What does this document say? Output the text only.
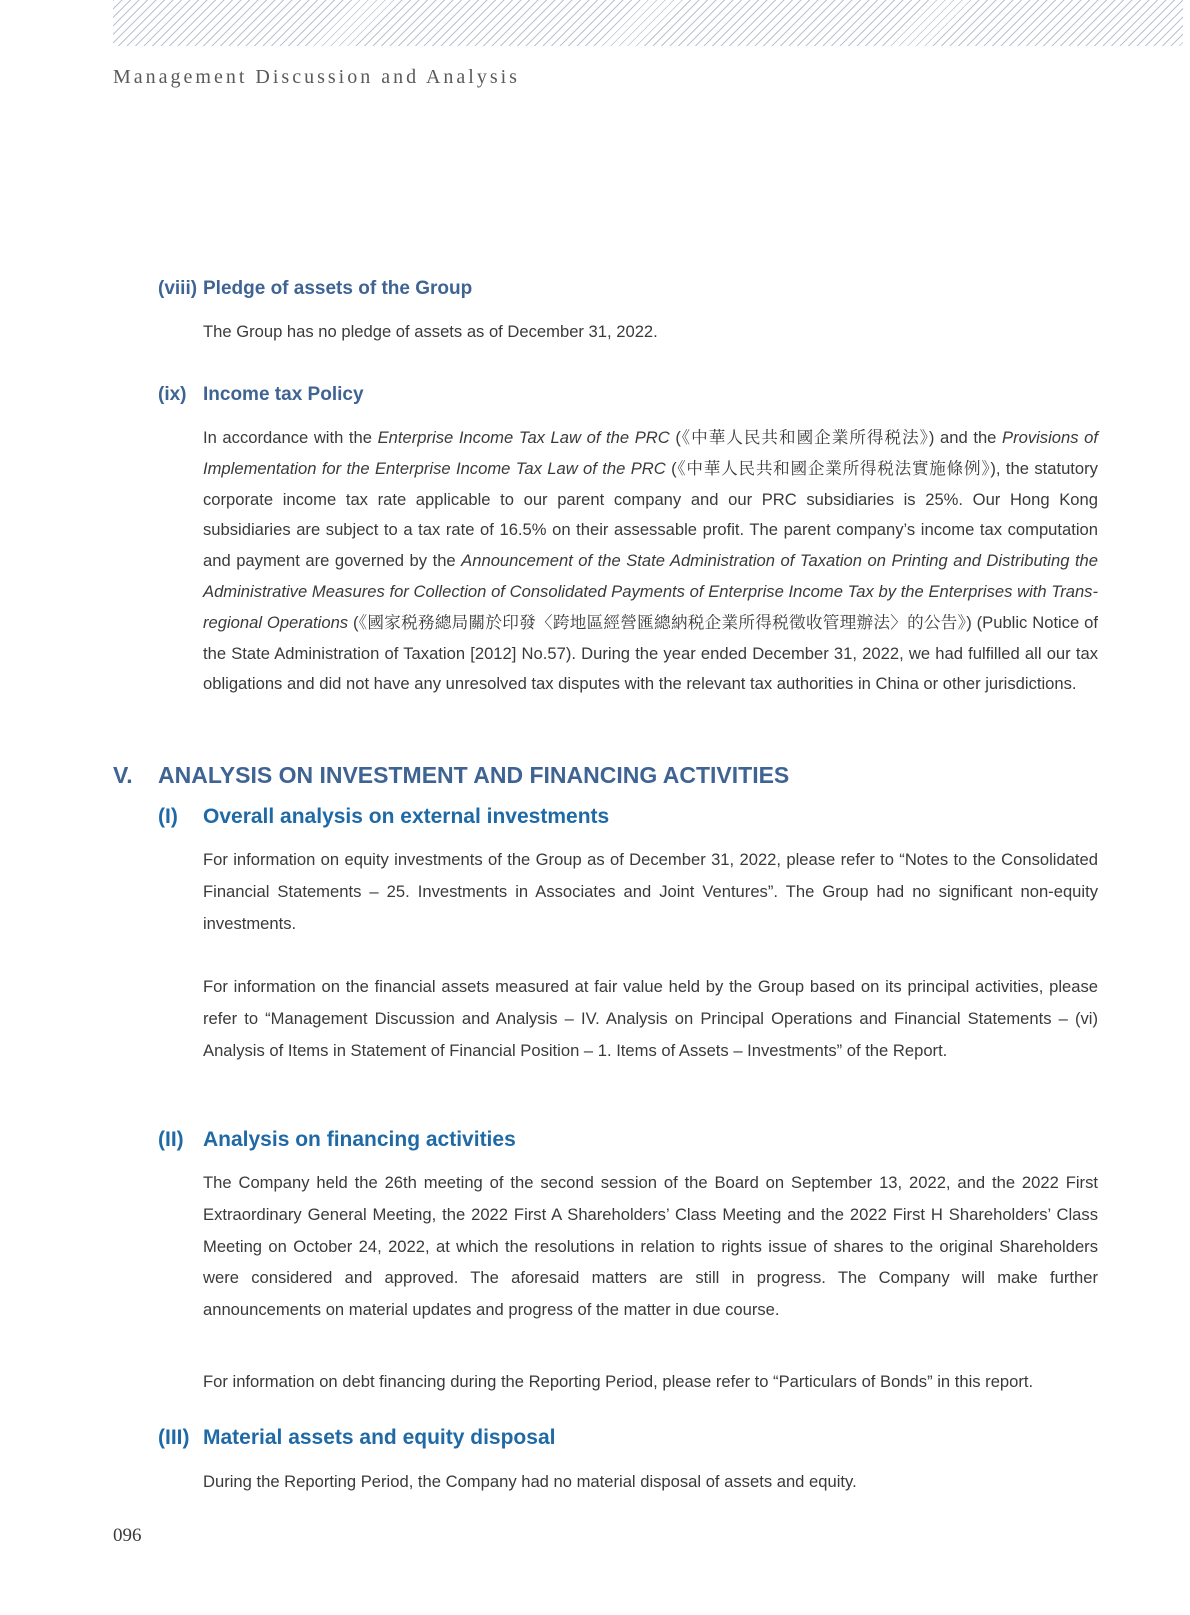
Management Discussion and Analysis
(viii) Pledge of assets of the Group

The Group has no pledge of assets as of December 31, 2022.

(ix) Income tax Policy

In accordance with the Enterprise Income Tax Law of the PRC (《中華人民共和國企業所得税法》) and the Provisions of Implementation for the Enterprise Income Tax Law of the PRC (《中華人民共和國企業所得税法實施條例》), the statutory corporate income tax rate applicable to our parent company and our PRC subsidiaries is 25%. Our Hong Kong subsidiaries are subject to a tax rate of 16.5% on their assessable profit. The parent company’s income tax computation and payment are governed by the Announcement of the State Administration of Taxation on Printing and Distributing the Administrative Measures for Collection of Consolidated Payments of Enterprise Income Tax by the Enterprises with Trans-regional Operations (《國家税務總局關於印發〈跨地區經營匯總納税企業所得税徵收管理辦法〉的公告》) (Public Notice of the State Administration of Taxation [2012] No.57). During the year ended December 31, 2022, we had fulfilled all our tax obligations and did not have any unresolved tax disputes with the relevant tax authorities in China or other jurisdictions.

V.	ANALYSIS ON INVESTMENT AND FINANCING ACTIVITIES
(I)	Overall analysis on external investments

For information on equity investments of the Group as of December 31, 2022, please refer to “Notes to the Consolidated Financial Statements – 25. Investments in Associates and Joint Ventures”. The Group had no significant non-equity investments.

For information on the financial assets measured at fair value held by the Group based on its principal activities, please refer to “Management Discussion and Analysis – IV. Analysis on Principal Operations and Financial Statements – (vi) Analysis of Items in Statement of Financial Position – 1. Items of Assets – Investments” of the Report.

(II) Analysis on financing activities

The Company held the 26th meeting of the second session of the Board on September 13, 2022, and the 2022 First Extraordinary General Meeting, the 2022 First A Shareholders’ Class Meeting and the 2022 First H Shareholders’ Class Meeting on October 24, 2022, at which the resolutions in relation to rights issue of shares to the original Shareholders were considered and approved. The aforesaid matters are still in progress. The Company will make further announcements on material updates and progress of the matter in due course.

For information on debt financing during the Reporting Period, please refer to “Particulars of Bonds” in this report.

(III) Material assets and equity disposal

During the Reporting Period, the Company had no material disposal of assets and equity.

096
